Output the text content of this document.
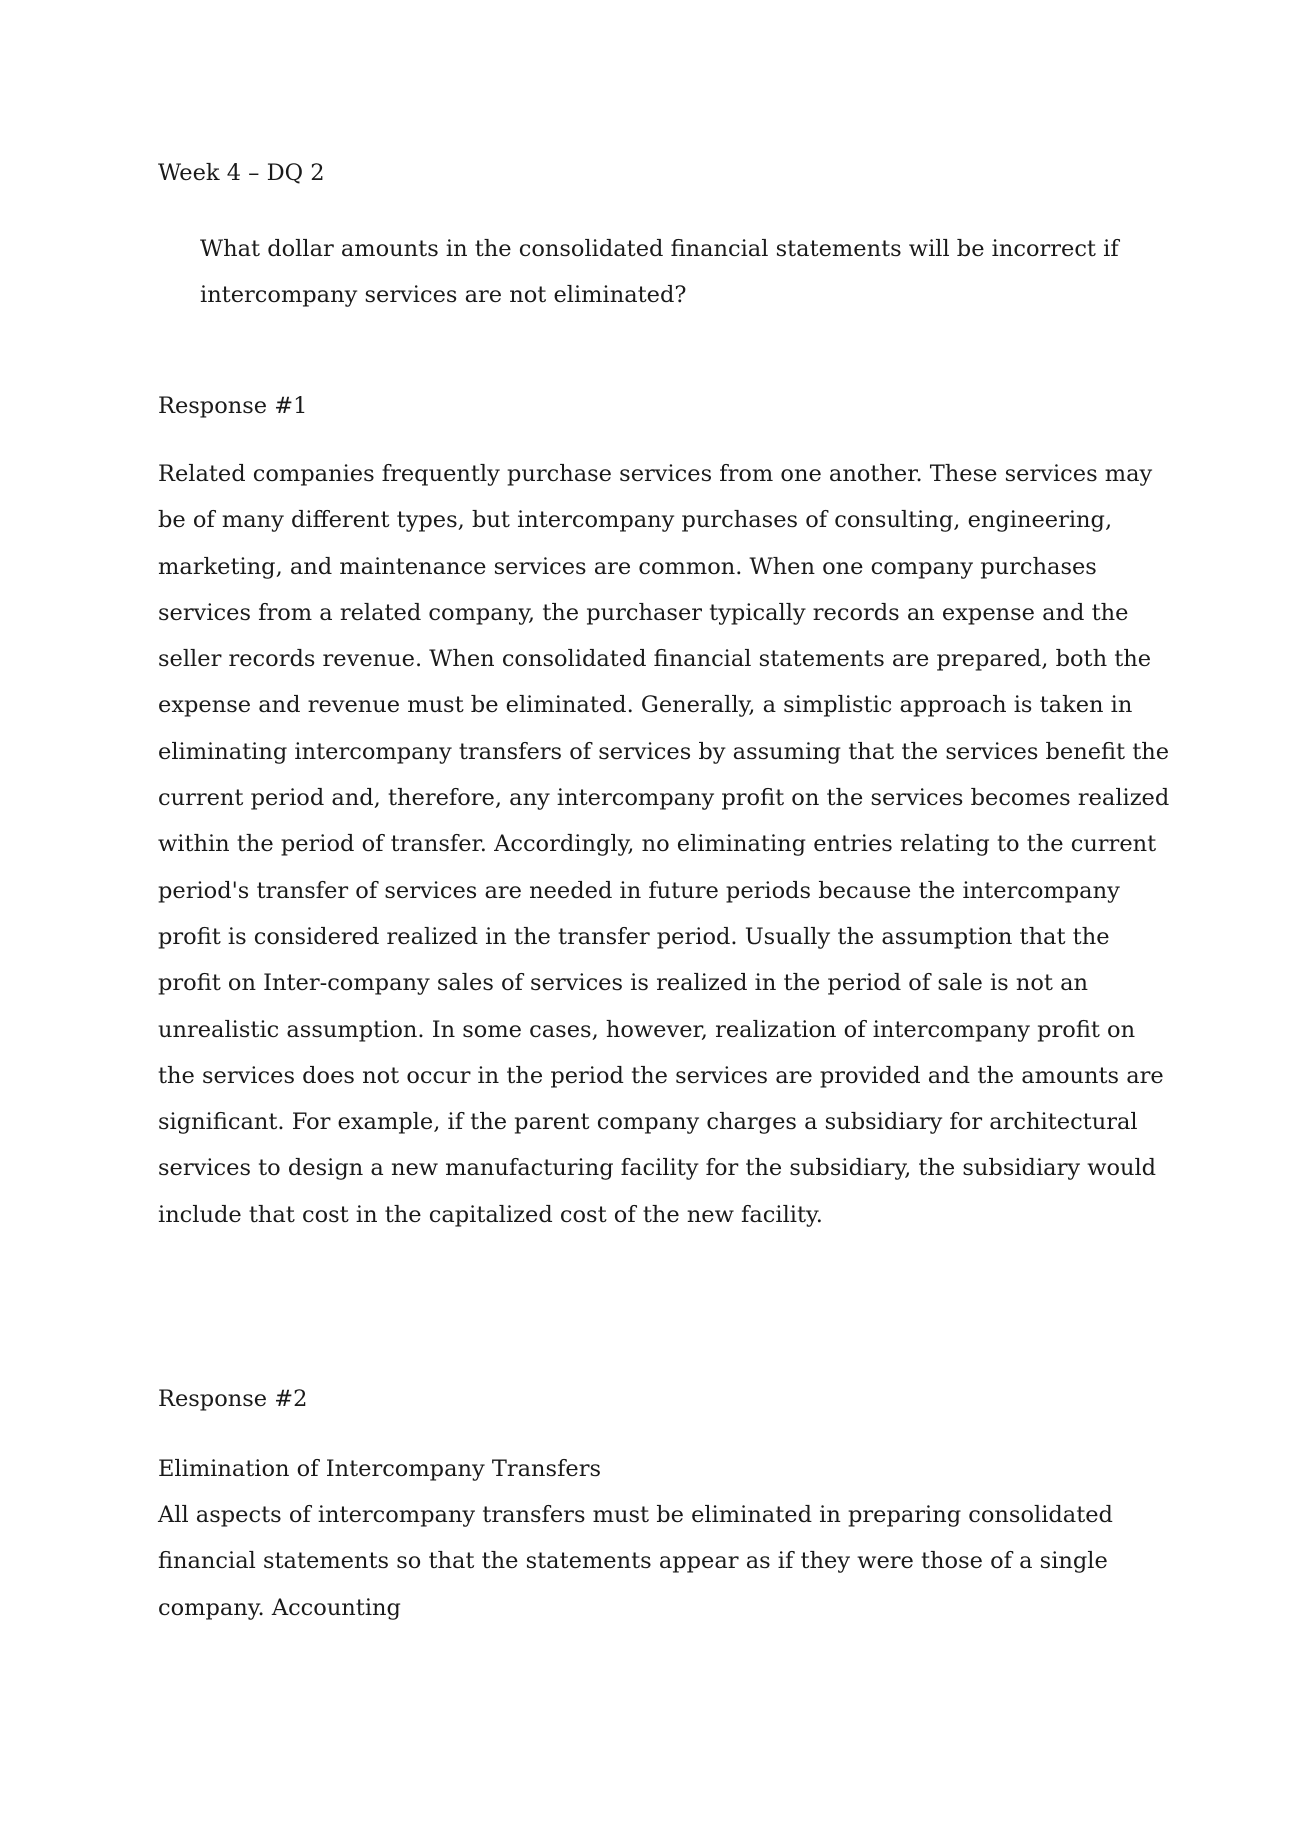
Week 4 – DQ 2
What dollar amounts in the consolidated financial statements will be incorrect if
intercompany services are not eliminated?
Response #1
Related companies frequently purchase services from one another. These services may
be of many different types, but intercompany purchases of consulting, engineering,
marketing, and maintenance services are common. When one company purchases
services from a related company, the purchaser typically records an expense and the
seller records revenue. When consolidated financial statements are prepared, both the
expense and revenue must be eliminated. Generally, a simplistic approach is taken in
eliminating intercompany transfers of services by assuming that the services benefit the
current period and, therefore, any intercompany profit on the services becomes realized
within the period of transfer. Accordingly, no eliminating entries relating to the current
period's transfer of services are needed in future periods because the intercompany
profit is considered realized in the transfer period. Usually the assumption that the
profit on Inter-company sales of services is realized in the period of sale is not an
unrealistic assumption. In some cases, however, realization of intercompany profit on
the services does not occur in the period the services are provided and the amounts are
significant. For example, if the parent company charges a subsidiary for architectural
services to design a new manufacturing facility for the subsidiary, the subsidiary would
include that cost in the capitalized cost of the new facility.
Response #2
Elimination of Intercompany Transfers
All aspects of intercompany transfers must be eliminated in preparing consolidated
financial statements so that the statements appear as if they were those of a single
company. Accounting
